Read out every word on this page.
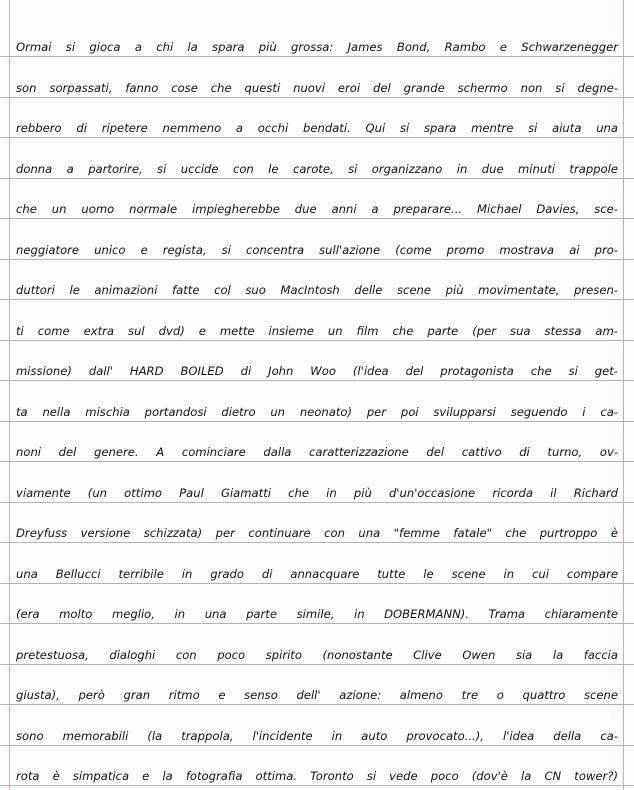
Ormai si gioca a chi la spara più grossa: James Bond, Rambo e Schwarzenegger
son sorpassati, fanno cose che questi nuovi eroi del grande schermo non si degne-
rebbero di ripetere nemmeno a occhi bendati. Qui si spara mentre si aiuta una
donna a partorire, si uccide con le carote, si organizzano in due minuti trappole
che un uomo normale impiegherebbe due anni a preparare... Michael Davies, sce-
neggiatore unico e regista, si concentra sull'azione (come promo mostrava ai pro-
duttori le animazioni fatte col suo MacIntosh delle scene più movimentate, presen-
ti come extra sul dvd) e mette insieme un film che parte (per sua stessa am-
missione) dall' HARD BOILED di John Woo (l'idea del protagonista che si get-
ta nella mischia portandosi dietro un neonato) per poi svilupparsi seguendo i ca-
noni del genere. A cominciare dalla caratterizzazione del cattivo di turno, ov-
viamente (un ottimo Paul Giamatti che in più d'un'occasione ricorda il Richard
Dreyfuss versione schizzata) per continuare con una "femme fatale" che purtroppo è
una Bellucci terribile in grado di annacquare tutte le scene in cui compare
(era molto meglio, in una parte simile, in DOBERMANN). Trama chiaramente
pretestuosa, dialoghi con poco spirito (nonostante Clive Owen sia la faccia
giusta), però gran ritmo e senso dell' azione: almeno tre o quattro scene
sono memorabili (la trappola, l'incidente in auto provocato...), l'idea della ca-
rota è simpatica e la fotografia ottima. Toronto si vede poco (dov'è la CN tower?)
